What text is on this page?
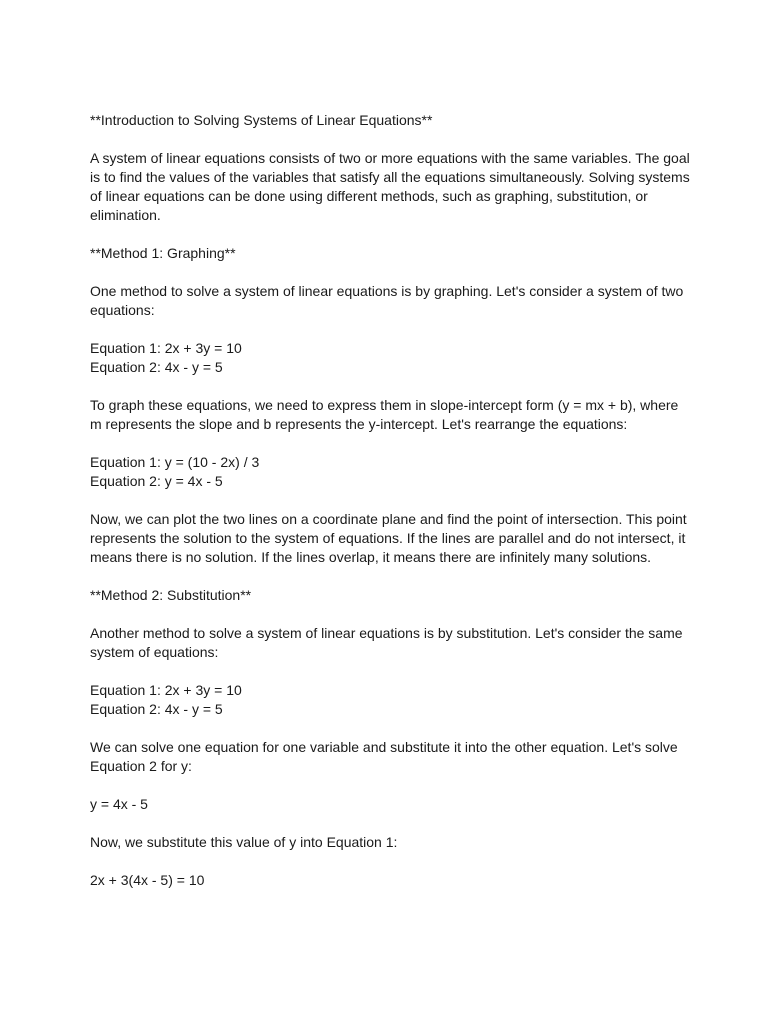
**Introduction to Solving Systems of Linear Equations**

A system of linear equations consists of two or more equations with the same variables. The goal is to find the values of the variables that satisfy all the equations simultaneously. Solving systems of linear equations can be done using different methods, such as graphing, substitution, or elimination.

**Method 1: Graphing**

One method to solve a system of linear equations is by graphing. Let's consider a system of two equations:

Equation 1: 2x + 3y = 10
Equation 2: 4x - y = 5

To graph these equations, we need to express them in slope-intercept form (y = mx + b), where m represents the slope and b represents the y-intercept. Let's rearrange the equations:

Equation 1: y = (10 - 2x) / 3
Equation 2: y = 4x - 5

Now, we can plot the two lines on a coordinate plane and find the point of intersection. This point represents the solution to the system of equations. If the lines are parallel and do not intersect, it means there is no solution. If the lines overlap, it means there are infinitely many solutions.

**Method 2: Substitution**

Another method to solve a system of linear equations is by substitution. Let's consider the same system of equations:

Equation 1: 2x + 3y = 10
Equation 2: 4x - y = 5

We can solve one equation for one variable and substitute it into the other equation. Let's solve Equation 2 for y:

y = 4x - 5

Now, we substitute this value of y into Equation 1:

2x + 3(4x - 5) = 10
